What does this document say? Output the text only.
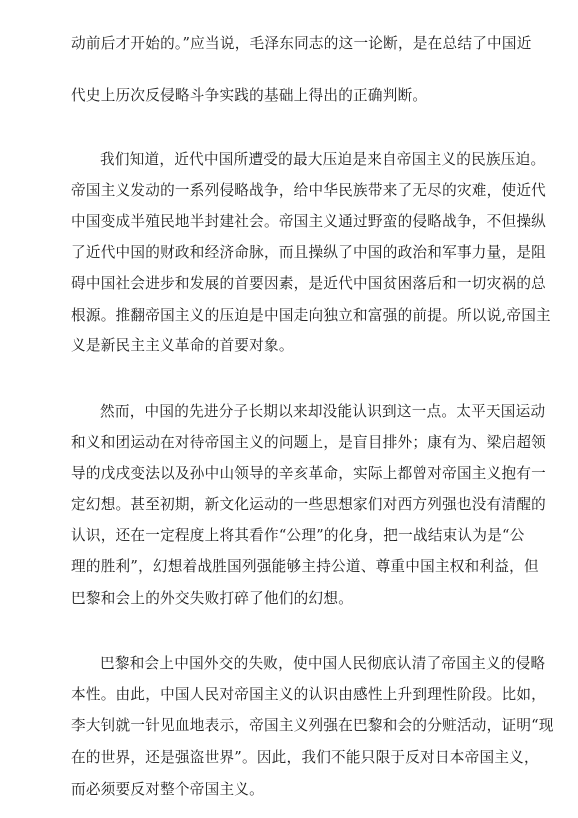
动前后才开始的。”应当说，毛泽东同志的这一论断，是在总结了中国近
代史上历次反侵略斗争实践的基础上得出的正确判断。
我们知道，近代中国所遭受的最大压迫是来自帝国主义的民族压迫。
帝国主义发动的一系列侵略战争，给中华民族带来了无尽的灾难，使近代
中国变成半殖民地半封建社会。帝国主义通过野蛮的侵略战争，不但操纵
了近代中国的财政和经济命脉，而且操纵了中国的政治和军事力量，是阻
碍中国社会进步和发展的首要因素，是近代中国贫困落后和一切灾祸的总
根源。推翻帝国主义的压迫是中国走向独立和富强的前提。所以说,帝国主
义是新民主主义革命的首要对象。
然而，中国的先进分子长期以来却没能认识到这一点。太平天国运动
和义和团运动在对待帝国主义的问题上，是盲目排外；康有为、梁启超领
导的戊戌变法以及孙中山领导的辛亥革命，实际上都曾对帝国主义抱有一
定幻想。甚至初期，新文化运动的一些思想家们对西方列强也没有清醒的
认识，还在一定程度上将其看作“公理”的化身，把一战结束认为是“公
理的胜利”，幻想着战胜国列强能够主持公道、尊重中国主权和利益，但
巴黎和会上的外交失败打碎了他们的幻想。
巴黎和会上中国外交的失败，使中国人民彻底认清了帝国主义的侵略
本性。由此，中国人民对帝国主义的认识由感性上升到理性阶段。比如，
李大钊就一针见血地表示，帝国主义列强在巴黎和会的分赃活动，证明“现
在的世界，还是强盗世界”。因此，我们不能只限于反对日本帝国主义，
而必须要反对整个帝国主义。
